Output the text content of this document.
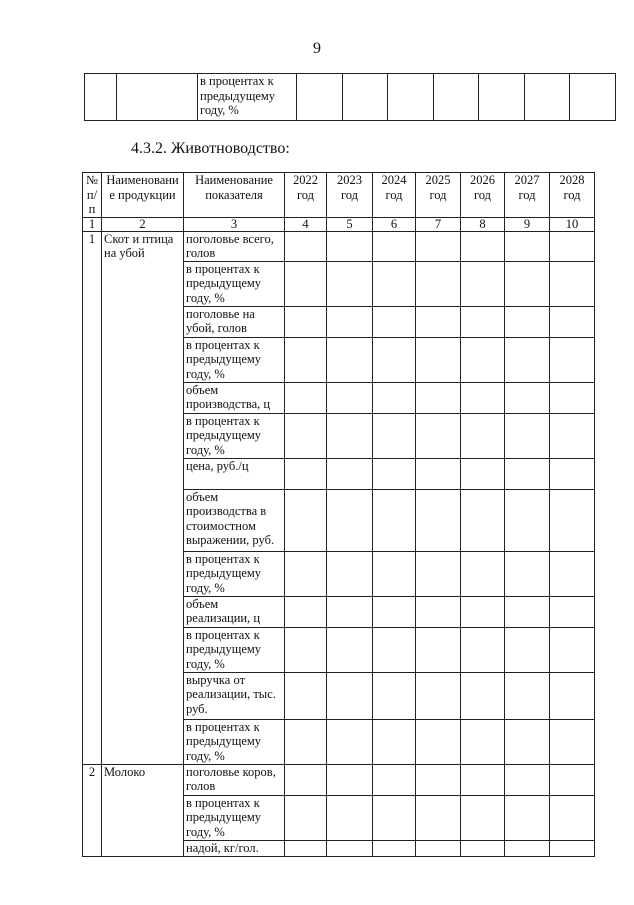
9
		в процентах к предыдущему году, %							
4.3.2. Животноводство:
№ п/п	Наименовани е продукции	Наименование показателя	2022 год	2023 год	2024 год	2025 год	2026 год	2027 год	2028 год
1	2	3	4	5	6	7	8	9	10
1	Скот и птица на убой	поголовье всего, голов							
		в процентах к предыдущему году, %							
		поголовье на убой, голов							
		в процентах к предыдущему году, %							
		объем производства, ц							
		в процентах к предыдущему году, %							
		цена, руб./ц							
		объем производства в стоимостном выражении, руб.							
		в процентах к предыдущему году, %							
		объем реализации, ц							
		в процентах к предыдущему году, %							
		выручка от реализации, тыс. руб.							
		в процентах к предыдущему году, %							
2	Молоко	поголовье коров, голов							
		в процентах к предыдущему году, %							
		надой, кг/гол.							
